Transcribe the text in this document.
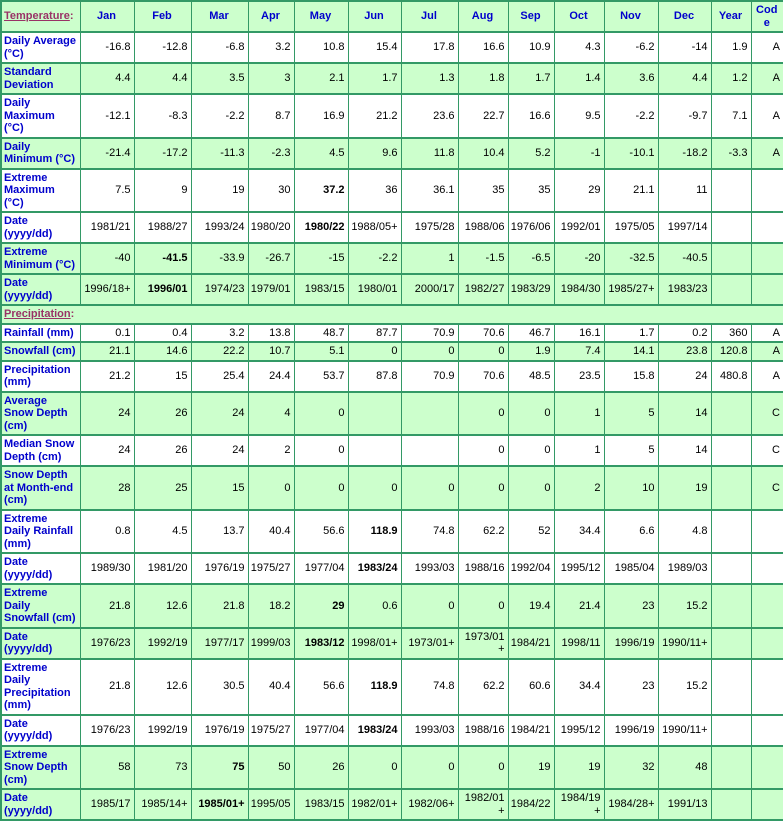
Temperature:	Jan	Feb	Mar	Apr	May	Jun	Jul	Aug	Sep	Oct	Nov	Dec	Year	Code
Daily Average (°C)	-16.8	-12.8	-6.8	3.2	10.8	15.4	17.8	16.6	10.9	4.3	-6.2	-14	1.9	A
Standard Deviation	4.4	4.4	3.5	3	2.1	1.7	1.3	1.8	1.7	1.4	3.6	4.4	1.2	A
Daily Maximum (°C)	-12.1	-8.3	-2.2	8.7	16.9	21.2	23.6	22.7	16.6	9.5	-2.2	-9.7	7.1	A
Daily Minimum (°C)	-21.4	-17.2	-11.3	-2.3	4.5	9.6	11.8	10.4	5.2	-1	-10.1	-18.2	-3.3	A
Extreme Maximum (°C)	7.5	9	19	30	37.2	36	36.1	35	35	29	21.1	11		
Date (yyyy/dd)	1981/21	1988/27	1993/24	1980/20	1980/22	1988/05+	1975/28	1988/06	1976/06	1992/01	1975/05	1997/14		
Extreme Minimum (°C)	-40	-41.5	-33.9	-26.7	-15	-2.2	1	-1.5	-6.5	-20	-32.5	-40.5		
Date (yyyy/dd)	1996/18+	1996/01	1974/23	1979/01	1983/15	1980/01	2000/17	1982/27	1983/29	1984/30	1985/27+	1983/23		
Precipitation:														
Rainfall (mm)	0.1	0.4	3.2	13.8	48.7	87.7	70.9	70.6	46.7	16.1	1.7	0.2	360	A
Snowfall (cm)	21.1	14.6	22.2	10.7	5.1	0	0	0	1.9	7.4	14.1	23.8	120.8	A
Precipitation (mm)	21.2	15	25.4	24.4	53.7	87.8	70.9	70.6	48.5	23.5	15.8	24	480.8	A
Average Snow Depth (cm)	24	26	24	4	0			0	0	1	5	14		C
Median Snow Depth (cm)	24	26	24	2	0			0	0	1	5	14		C
Snow Depth at Month-end (cm)	28	25	15	0	0	0	0	0	0	2	10	19		C
Extreme Daily Rainfall (mm)	0.8	4.5	13.7	40.4	56.6	118.9	74.8	62.2	52	34.4	6.6	4.8		
Date (yyyy/dd)	1989/30	1981/20	1976/19	1975/27	1977/04	1983/24	1993/03	1988/16	1992/04	1995/12	1985/04	1989/03		
Extreme Daily Snowfall (cm)	21.8	12.6	21.8	18.2	29	0.6	0	0	19.4	21.4	23	15.2		
Date (yyyy/dd)	1976/23	1992/19	1977/17	1999/03	1983/12	1998/01+	1973/01+	1973/01+	1984/21	1998/11	1996/19	1990/11+		
Extreme Daily Precipitation (mm)	21.8	12.6	30.5	40.4	56.6	118.9	74.8	62.2	60.6	34.4	23	15.2		
Date (yyyy/dd)	1976/23	1992/19	1976/19	1975/27	1977/04	1983/24	1993/03	1988/16	1984/21	1995/12	1996/19	1990/11+		
Extreme Snow Depth (cm)	58	73	75	50	26	0	0	0	19	19	32	48		
Date (yyyy/dd)	1985/17	1985/14+	1985/01+	1995/05	1983/15	1982/01+	1982/06+	1982/01+	1984/22	1984/19+	1984/28+	1991/13		
